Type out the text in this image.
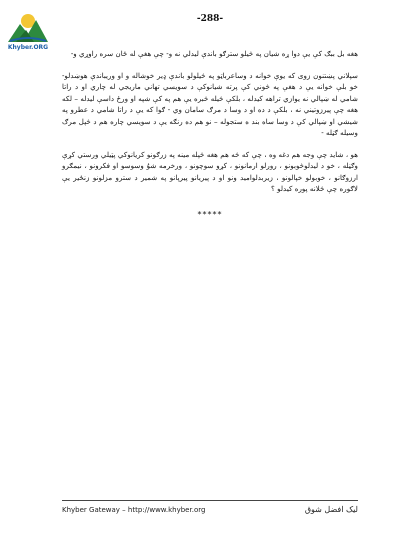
-288-
Khyber.ORG

هغه بل ببګ کې يې دوا ړه شيان په څيلو سترګو باندې ليدلي نه و- چې هغې له ځان سره راوړي و-

سپلاني پښتنون زوی که يوې خوانه ﺩ وساعرباټو په څيلولو باندې ډير خوشاله و او وريباندې هوښدلو- خو بلې خوانه يې ﺩ هغې په څوني کې پرته شيانوکې ﺩ سويسي تهاني ماريجي له چاري او ﺩ راتا شامي له ښپالي نه يوازي تراهه کيدله ، بلکې څيله څبره يې هم په کې شپه او ورځ داسې ليدله – لکه هغه چې پيرزوتيني نه ، بلکې ﺩ ده او ﺩ وسا ﺩ مرګ سامان وي - ګوا که يې ﺩ راتا شامي ﺩ عطرو په شيشي او ښپالي کې ﺩ وسا ساه بند ه ستجوله – نو هم ده رنګه يې ﺩ سويسي چاره هم ﺩ څپل مرګ وسيله ګڼله -

هو ، شايد چې وجه هم دغه وه ، چې که څه هم هغه څپله مينه په زرګونو کريانوکي پټيلي ورستي کړې وګڼله ، خو ﺩ ليدلوڅوبونو ، رورلو ارمانونو ، کړو سوچونو ، ورخرمه شوُ وسوسو او فکرونو ، نيمګرو ارزوګانو ، خوبولو خپالونو ، زيربدلواميد ونو او ﺩ پيريانو پيرپانو په شمير ﺩ سترو مزلونو زنځير يې لاګوره چې څلانه پوره کيدلو ؟

*****
Khyber Gateway – http://www.khyber.org	ليک افضل شوق
